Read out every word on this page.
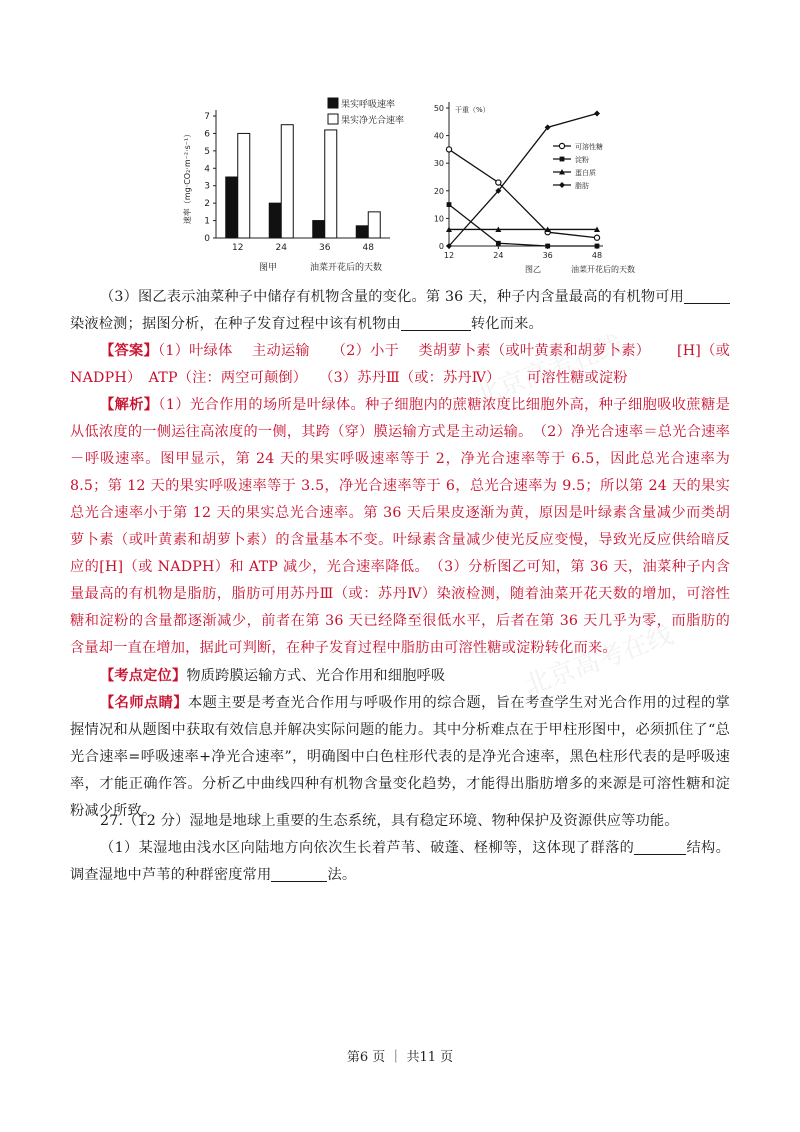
北京高考在线
北京高考在线
0
1
2
3
4
5
6
7
12	24	36	48
速率（mg·CO₂·m⁻²·s⁻¹）
图甲	油菜开花后的天数
果实呼吸速率
果实净光合速率
0
10
20
30
40
50
12	24	36	48
干重（%）
可溶性糖
淀粉
蛋白质
脂肪
图乙	油菜开花后的天数
（3）图乙表示油菜种子中储存有机物含量的变化。第 36 天，种子内含量最高的有机物可用染液检测；据图分析，在种子发育过程中该有机物由	转化而来。
【答案】（1）叶绿体　 主动运输　　（2）小于　 类胡萝卜素（或叶黄素和胡萝卜素）　　 [H]（或 NADPH）　ATP（注：两空可颠倒）　 （3）苏丹Ⅲ（或：苏丹Ⅳ）　　 可溶性糖或淀粉
【解析】（1）光合作用的场所是叶绿体。种子细胞内的蔗糖浓度比细胞外高，种子细胞吸收蔗糖是从低浓度的一侧运往高浓度的一侧，其跨（穿）膜运输方式是主动运输。　（2）净光合速率＝总光合速率－呼吸速率。图甲显示，第 24 天的果实呼吸速率等于 2，净光合速率等于 6.5，因此总光合速率为 8.5；第 12 天的果实呼吸速率等于 3.5，净光合速率等于 6，总光合速率为 9.5；所以第 24 天的果实总光合速率小于第 12 天的果实总光合速率。第 36 天后果皮逐渐为黄，原因是叶绿素含量减少而类胡萝卜素（或叶黄素和胡萝卜素）的含量基本不变。叶绿素含量减少使光反应变慢，导致光反应供给暗反应的[H]（或 NADPH）和 ATP 减少，光合速率降低。　（3）分析图乙可知，第 36 天，油菜种子内含量最高的有机物是脂肪，脂肪可用苏丹Ⅲ（或：苏丹Ⅳ）染液检测，随着油菜开花天数的增加，可溶性糖和淀粉的含量都逐渐减少，前者在第 36 天已经降至很低水平，后者在第 36 天几乎为零，而脂肪的含量却一直在增加，据此可判断，在种子发育过程中脂肪由可溶性糖或淀粉转化而来。
【考点定位】物质跨膜运输方式、光合作用和细胞呼吸
【名师点睛】本题主要是考查光合作用与呼吸作用的综合题，旨在考查学生对光合作用的过程的掌握情况和从题图中获取有效信息并解决实际问题的能力。其中分析难点在于甲柱形图中，必须抓住了“总光合速率=呼吸速率+净光合速率”，明确图中白色柱形代表的是净光合速率，黑色柱形代表的是呼吸速率，才能正确作答。分析乙中曲线四种有机物含量变化趋势，才能得出脂肪增多的来源是可溶性糖和淀粉减少所致。
27.（12 分）湿地是地球上重要的生态系统，具有稳定环境、物种保护及资源供应等功能。
（1）某湿地由浅水区向陆地方向依次生长着芦苇、破蓬、柽柳等，这体现了群落的	结构。调查湿地中芦苇的种群密度常用	法。
第6 页 ｜ 共11 页
